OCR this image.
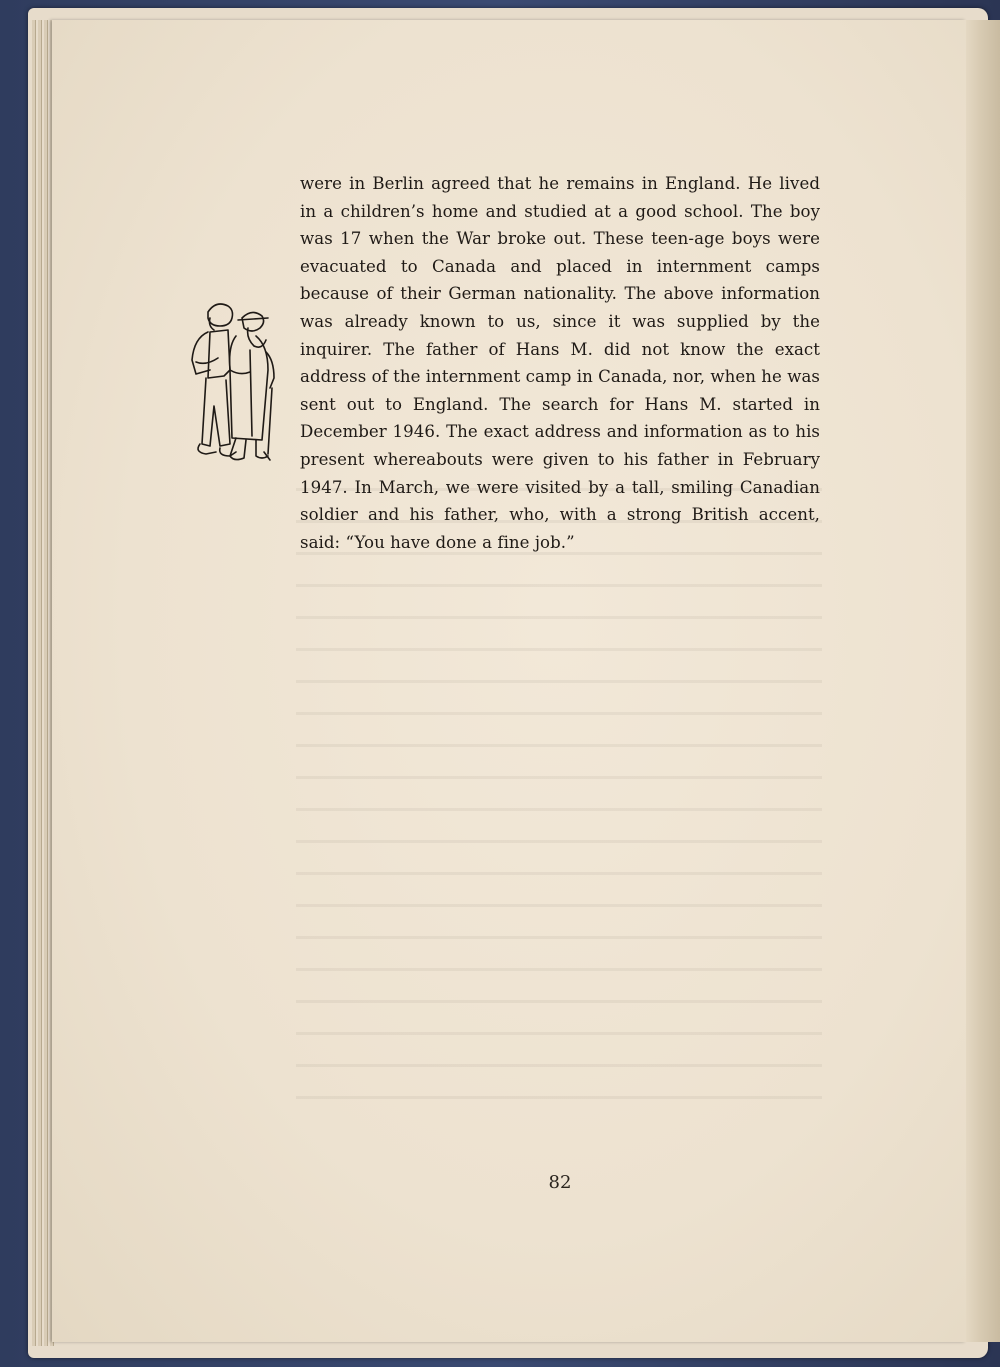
were in Berlin agreed that he remains in England. He lived in a children’s home and studied at a good school. The boy was 17 when the War broke out. These teen-age boys were evacuated to Canada and placed in internment camps because of their German nationality. The above information was already known to us, since it was supplied by the inquirer. The father of Hans M. did not know the exact address of the internment camp in Canada, nor, when he was sent out to England. The search for Hans M. started in December 1946. The exact address and information as to his present whereabouts were given to his father in February 1947. In March, we were visited by a tall, smiling Canadian soldier and his father, who, with a strong British accent, said: “You have done a fine job.”
82
